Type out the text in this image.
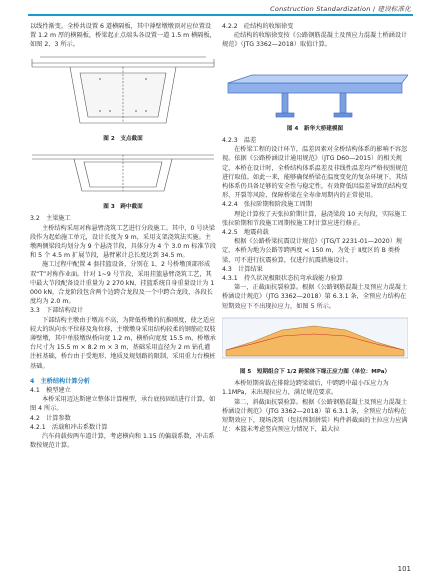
Construction Standardization / 建设标准化

以线性渐变。全桥共设置 6 道横隔板，其中薄壁墩墩顶对应位置设置 1.2 m 厚的横隔板，桥梁起止点端头各设置一道 1.5 m 横隔板，如图 2、3 所示。

图 2　支点截面
图 3　跨中截面
3.2　主梁施工

主桥结构采用对称悬臂浇筑工艺进行分段施工。其中，0 号块梁段作为起始施工单元，设计长度为 9 m，采用支架浇筑法实施。主墩两侧梁段均划分为 9 个悬浇节段，具体分为 4 个 3.0 m 标准节段和 5 个 4.5 m 扩展节段，悬臂累计总长度达到 34.5 m。

施工过程中配置 4 套挂篮设备，分别在 1、2 号桥墩顶部形成双“T”对称作业面。针对 1~9 号节段，采用挂篮悬臂浇筑工艺，其中最大节段配备设计重量为 2 270 kN，挂篮系统自身重量设计为 1 000 kN，合龙阶段包含两个边跨合龙段及一个中跨合龙段，各段长度均为 2.0 m。

3.3　下部结构设计

下部结构主墩由于墩高不高，为降低桥墩的抗推刚度，使之适应较大的纵向水平位移及角位移，主墩墩身采用结构较柔的钢筋砼双肢薄壁墩，其中单肢墩纵桥向宽 1.2 m，横桥向宽度 15.5 m，桥墩承台尺寸为 15.5 m × 8.2 m × 3 m，基础采用直径为 2 m 钻孔灌注桩基础，桥台由于受地形、地质及规划路的限制，采用重力台模桩基础。

4　主桥结构计算分析
4.1　模型建立

本桥采用迈达斯建立整体计算模型，承台底按固结进行计算，如图 4 所示。

4.2　计算参数
4.2.1　活载和冲击系数计算

汽车荷载按两车道计算，考虑横向和 1.15 的偏载系数，冲击系数按规范计算。

4.2.2　砼结构的收缩徐变

砼结构的收缩徐变按《公路钢筋混凝土及预应力混凝土桥涵设计规范》（JTG 3362—2018）取值计算。

图 4　新华大桥建模图
4.2.3　温差

在桥梁工程的设计环节，温差因素对全桥结构体系的影响不容忽视。依据《公路桥涵设计通用规范》（JTG D60—2015）的相关规定，本桥在设计时，全桥结构体系温差及非线性温差均严格按照规范进行取值。如此一来，能够确保桥梁在温度变化的复杂环境下，其结构体系仍具备足够的安全性与稳定性，有效降低因温差导致的结构变形、开裂等风险，保障桥梁在全寿命周期内的正常使用。

4.2.4　张拉阶期和阶段施工周期

理论计算按了天张拉阶期计算，悬浇梁段 10 天每段，实际施工张拉阶期和节段施工周期按施工时计算应进行修正。

4.2.5　地震荷载

根据《公路桥梁抗震设计规范》（JTG/T 2231-01—2020）规定，本桥为地为公路等跨两度 < 150 m，为处于 Ⅱ度区的 B 类桥梁，可不进行抗震验算，仅进行抗震措施设计。

4.3　计算结果
4.3.1　持久状况极限状态抗弯承载能力验算

第一，正截面抗裂验算。根据《公路钢筋混凝土及预应力混凝土桥涵设计规范》（JTG 3362—2018）第 6.3.1 条，全预应力结构在短期效应下不出现拉应力，如图 5 所示。

图 5　短期组合下 1/2 跨梁体下缘正应力图（单位：MPa）

本桥短期荷载在排除边跨梁端后，中跨跨中最小压应力为 1.1MPa，未出现拉应力，满足规范要求。

第二，斜截面抗裂验算。根据《公路钢筋混凝土及预应力混凝土桥涵设计规范》（JTG 3362—2018）第 6.3.1 条，全预应力结构在短期效应下，现场浇筑（包括预制拼装）构件斜截面的主拉应力应满足：本篮未考虑竖向预应力情况下，最大拉

101
